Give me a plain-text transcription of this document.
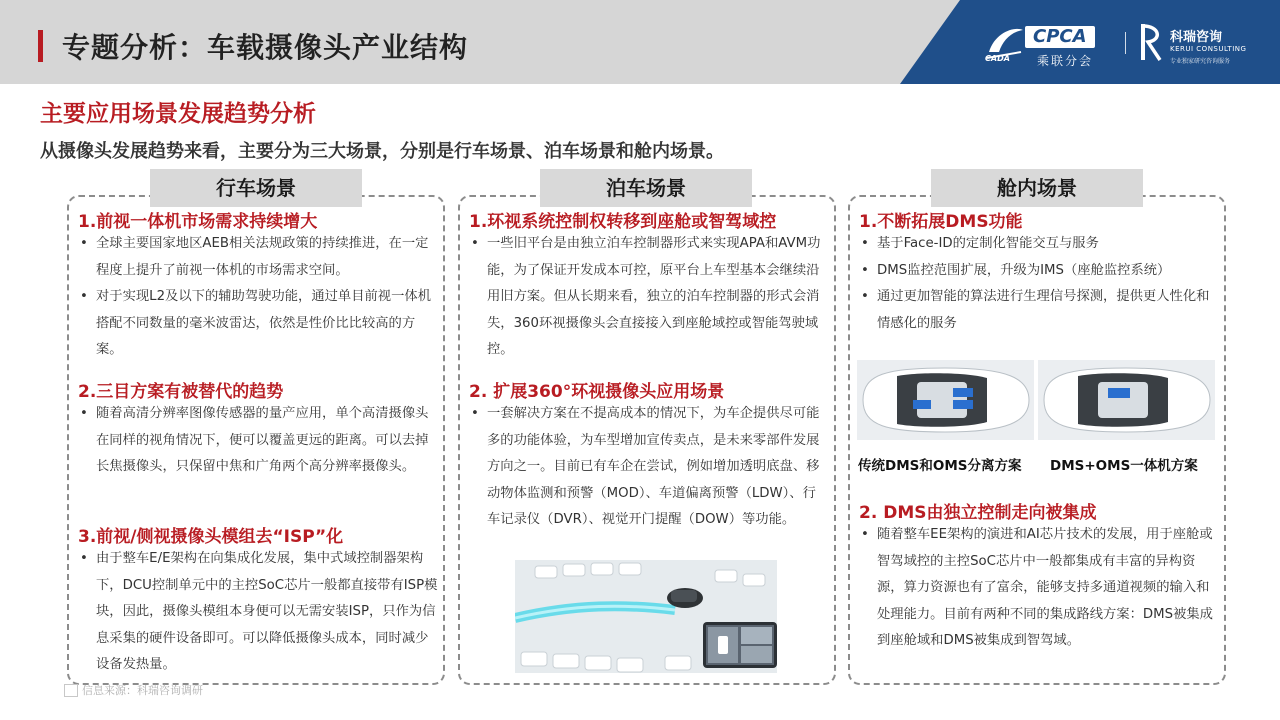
专题分析：车载摄像头产业结构	CPCA
乘联分会
CADA
科瑞咨询
KERUI CONSULTING
专业独家研究咨询服务
主要应用场景发展趋势分析
从摄像头发展趋势来看，主要分为三大场景，分别是行车场景、泊车场景和舱内场景。
行车场景
1.前视一体机市场需求持续增大
• 全球主要国家地区AEB相关法规政策的持续推进，在一定程度上提升了前视一体机的市场需求空间。
• 对于实现L2及以下的辅助驾驶功能，通过单目前视一体机搭配不同数量的毫米波雷达，依然是性价比比较高的方案。
2.三目方案有被替代的趋势
• 随着高清分辨率图像传感器的量产应用，单个高清摄像头在同样的视角情况下，便可以覆盖更远的距离。可以去掉长焦摄像头，只保留中焦和广角两个高分辨率摄像头。
3.前视/侧视摄像头模组去“ISP”化
• 由于整车E/E架构在向集成化发展，集中式域控制器架构下，DCU控制单元中的主控SoC芯片一般都直接带有ISP模块，因此，摄像头模组本身便可以无需安装ISP，只作为信息采集的硬件设备即可。可以降低摄像头成本，同时减少设备发热量。
泊车场景
1.环视系统控制权转移到座舱或智驾域控
• 一些旧平台是由独立泊车控制器形式来实现APA和AVM功能，为了保证开发成本可控，原平台上车型基本会继续沿用旧方案。但从长期来看，独立的泊车控制器的形式会消失，360环视摄像头会直接接入到座舱域控或智能驾驶域控。
2. 扩展360°环视摄像头应用场景
• 一套解决方案在不提高成本的情况下，为车企提供尽可能多的功能体验，为车型增加宣传卖点，是未来零部件发展方向之一。目前已有车企在尝试，例如增加透明底盘、移动物体监测和预警（MOD）、车道偏离预警（LDW）、行车记录仪（DVR）、视觉开门提醒（DOW）等功能。
舱内场景
1.不断拓展DMS功能
• 基于Face-ID的定制化智能交互与服务
• DMS监控范围扩展，升级为IMS（座舱监控系统）
• 通过更加智能的算法进行生理信号探测，提供更人性化和情感化的服务
传统DMS和OMS分离方案 DMS+OMS一体机方案
2. DMS由独立控制走向被集成
• 随着整车EE架构的演进和AI芯片技术的发展，用于座舱或智驾域控的主控SoC芯片中一般都集成有丰富的异构资源，算力资源也有了富余，能够支持多通道视频的输入和处理能力。目前有两种不同的集成路线方案：DMS被集成到座舱域和DMS被集成到智驾域。
信息来源：科瑞咨询调研
